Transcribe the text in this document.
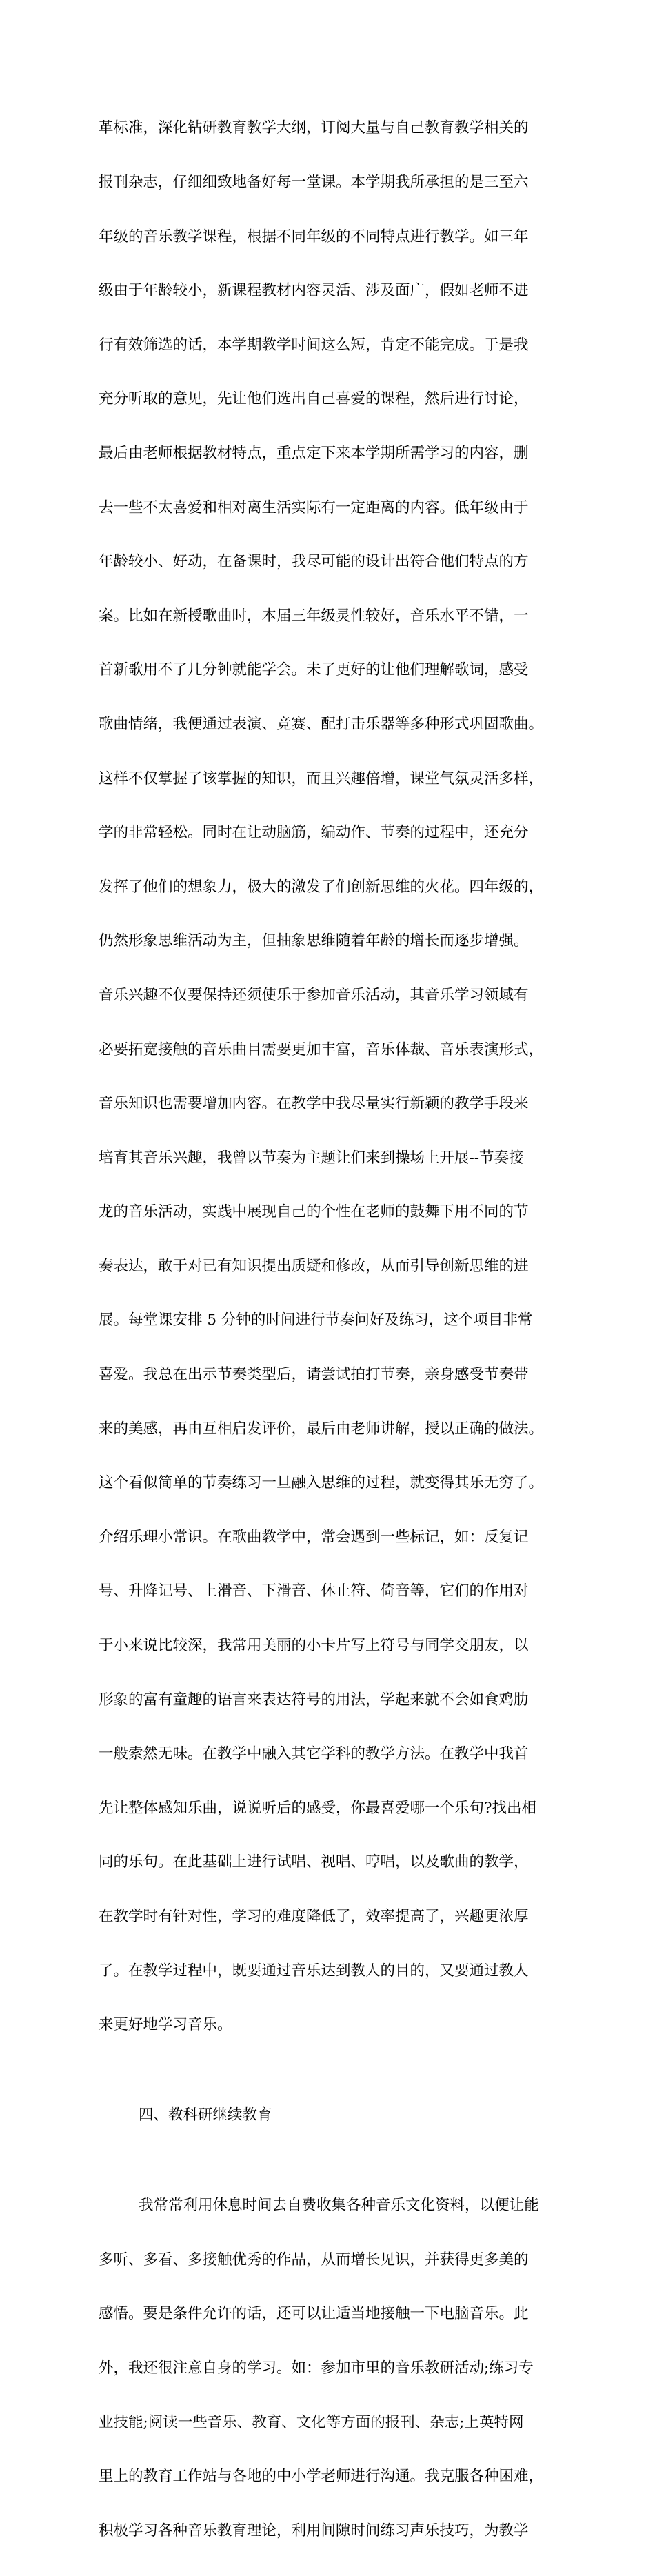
革标准，深化钻研教育教学大纲，订阅大量与自己教育教学相关的

报刊杂志，仔细细致地备好每一堂课。本学期我所承担的是三至六

年级的音乐教学课程，根据不同年级的不同特点进行教学。如三年

级由于年龄较小，新课程教材内容灵活、涉及面广，假如老师不进

行有效筛选的话，本学期教学时间这么短，肯定不能完成。于是我

充分听取的意见，先让他们选出自己喜爱的课程，然后进行讨论，

最后由老师根据教材特点，重点定下来本学期所需学习的内容，删

去一些不太喜爱和相对离生活实际有一定距离的内容。低年级由于

年龄较小、好动，在备课时，我尽可能的设计出符合他们特点的方

案。比如在新授歌曲时，本届三年级灵性较好，音乐水平不错，一

首新歌用不了几分钟就能学会。未了更好的让他们理解歌词，感受

歌曲情绪，我便通过表演、竞赛、配打击乐器等多种形式巩固歌曲。

这样不仅掌握了该掌握的知识，而且兴趣倍增，课堂气氛灵活多样，

学的非常轻松。同时在让动脑筋，编动作、节奏的过程中，还充分

发挥了他们的想象力，极大的激发了们创新思维的火花。四年级的，

仍然形象思维活动为主，但抽象思维随着年龄的增长而逐步增强。

音乐兴趣不仅要保持还须使乐于参加音乐活动，其音乐学习领域有

必要拓宽接触的音乐曲目需要更加丰富，音乐体裁、音乐表演形式，

音乐知识也需要增加内容。在教学中我尽量实行新颖的教学手段来

培育其音乐兴趣，我曾以节奏为主题让们来到操场上开展--节奏接

龙的音乐活动，实践中展现自己的个性在老师的鼓舞下用不同的节

奏表达，敢于对已有知识提出质疑和修改，从而引导创新思维的进

展。每堂课安排 5 分钟的时间进行节奏问好及练习，这个项目非常

喜爱。我总在出示节奏类型后，请尝试拍打节奏，亲身感受节奏带

来的美感，再由互相启发评价，最后由老师讲解，授以正确的做法。

这个看似简单的节奏练习一旦融入思维的过程，就变得其乐无穷了。

介绍乐理小常识。在歌曲教学中，常会遇到一些标记，如：反复记

号、升降记号、上滑音、下滑音、休止符、倚音等，它们的作用对

于小来说比较深，我常用美丽的小卡片写上符号与同学交朋友，以

形象的富有童趣的语言来表达符号的用法，学起来就不会如食鸡肋

一般索然无味。在教学中融入其它学科的教学方法。在教学中我首

先让整体感知乐曲，说说听后的感受，你最喜爱哪一个乐句?找出相

同的乐句。在此基础上进行试唱、视唱、哼唱，以及歌曲的教学，

在教学时有针对性，学习的难度降低了，效率提高了，兴趣更浓厚

了。在教学过程中，既要通过音乐达到教人的目的，又要通过教人

来更好地学习音乐。

四、教科研继续教育

我常常利用休息时间去自费收集各种音乐文化资料，以便让能

多听、多看、多接触优秀的作品，从而增长见识，并获得更多美的

感悟。要是条件允许的话，还可以让适当地接触一下电脑音乐。此

外，我还很注意自身的学习。如：参加市里的音乐教研活动;练习专

业技能;阅读一些音乐、教育、文化等方面的报刊、杂志;上英特网

里上的教育工作站与各地的中小学老师进行沟通。我克服各种困难，

积极学习各种音乐教育理论，利用间隙时间练习声乐技巧，为教学
